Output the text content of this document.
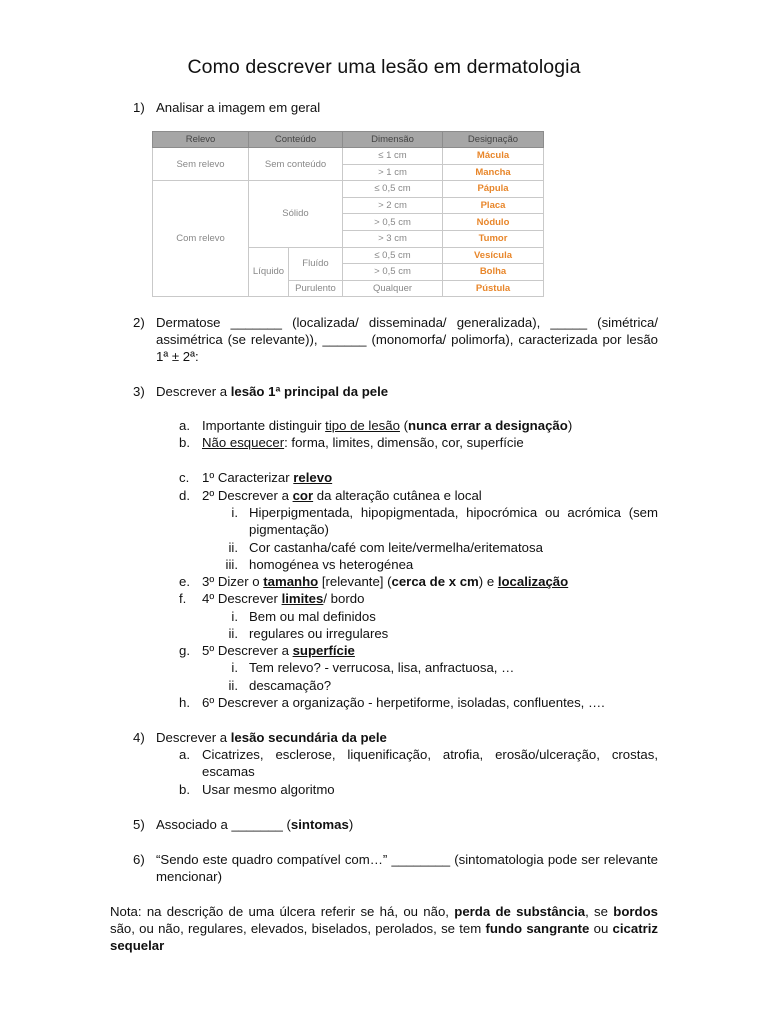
Como descrever uma lesão em dermatologia
1) Analisar a imagem em geral
Relevo	Conteúdo		Dimensão	Designação
Sem relevo	Sem conteúdo		≤ 1 cm	Mácula
			> 1 cm	Mancha
Com relevo	Sólido		≤ 0,5 cm	Pápula
			> 2 cm	Placa
			> 0,5 cm	Nódulo
			> 3 cm	Tumor
	Líquido	Fluído	≤ 0,5 cm	Vesícula
			> 0,5 cm	Bolha
		Purulento	Qualquer	Pústula
2) Dermatose _______ (localizada/ disseminada/ generalizada), _____ (simétrica/ assimétrica (se relevante)), ______ (monomorfa/ polimorfa), caracterizada por lesão 1ª ± 2ª:
3) Descrever a lesão 1ª principal da pele
a. Importante distinguir tipo de lesão (nunca errar a designação)
b. Não esquecer: forma, limites, dimensão, cor, superfície
c. 1º Caracterizar relevo
d. 2º Descrever a cor da alteração cutânea e local
i. Hiperpigmentada, hipopigmentada, hipocrómica ou acrómica (sem pigmentação)
ii. Cor castanha/café com leite/vermelha/eritematosa
iii. homogénea vs heterogénea
e. 3º Dizer o tamanho [relevante] (cerca de x cm) e localização
f. 4º Descrever limites/ bordo
i. Bem ou mal definidos
ii. regulares ou irregulares
g. 5º Descrever a superfície
i. Tem relevo? - verrucosa, lisa, anfractuosa, …
ii. descamação?
h. 6º Descrever a organização - herpetiforme, isoladas, confluentes, ….
4) Descrever a lesão secundária da pele
a. Cicatrizes, esclerose, liquenificação, atrofia, erosão/ulceração, crostas, escamas
b. Usar mesmo algoritmo
5) Associado a _______ (sintomas)
6) “Sendo este quadro compatível com…” ________ (sintomatologia pode ser relevante mencionar)
Nota: na descrição de uma úlcera referir se há, ou não, perda de substância, se bordos são, ou não, regulares, elevados, biselados, perolados, se tem fundo sangrante ou cicatriz sequelar
